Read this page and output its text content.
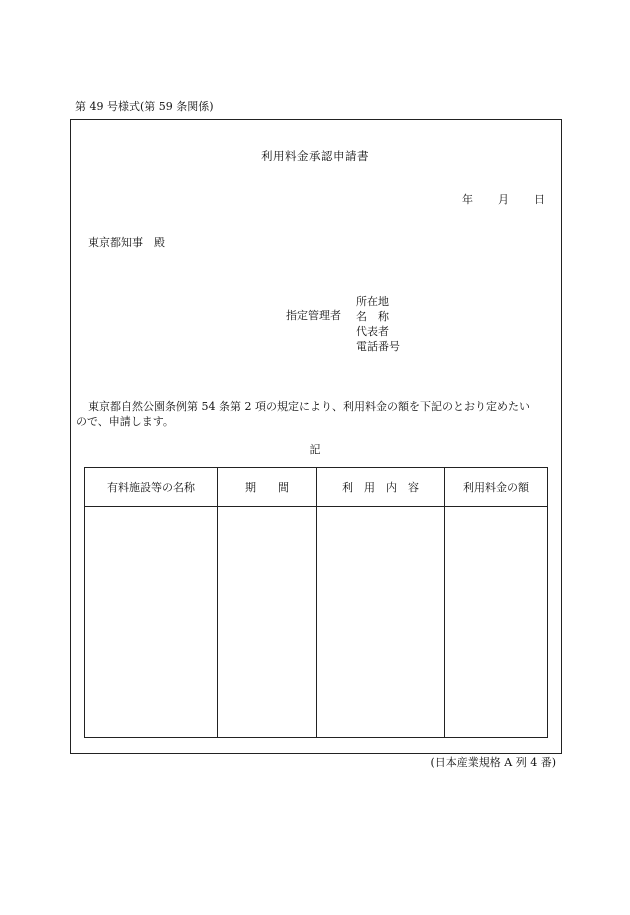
第 49 号様式(第 59 条関係)
利用料金承認申請書
年 月 日
東京都知事　殿
指定管理者
所在地
名　称
代表者
電話番号
東京都自然公園条例第 54 条第 2 項の規定により、利用料金の額を下記のとおり定めたい
ので、申請します。
記
有料施設等の名称	期　　間	利　用　内　容	利用料金の額
(日本産業規格 A 列 4 番)
